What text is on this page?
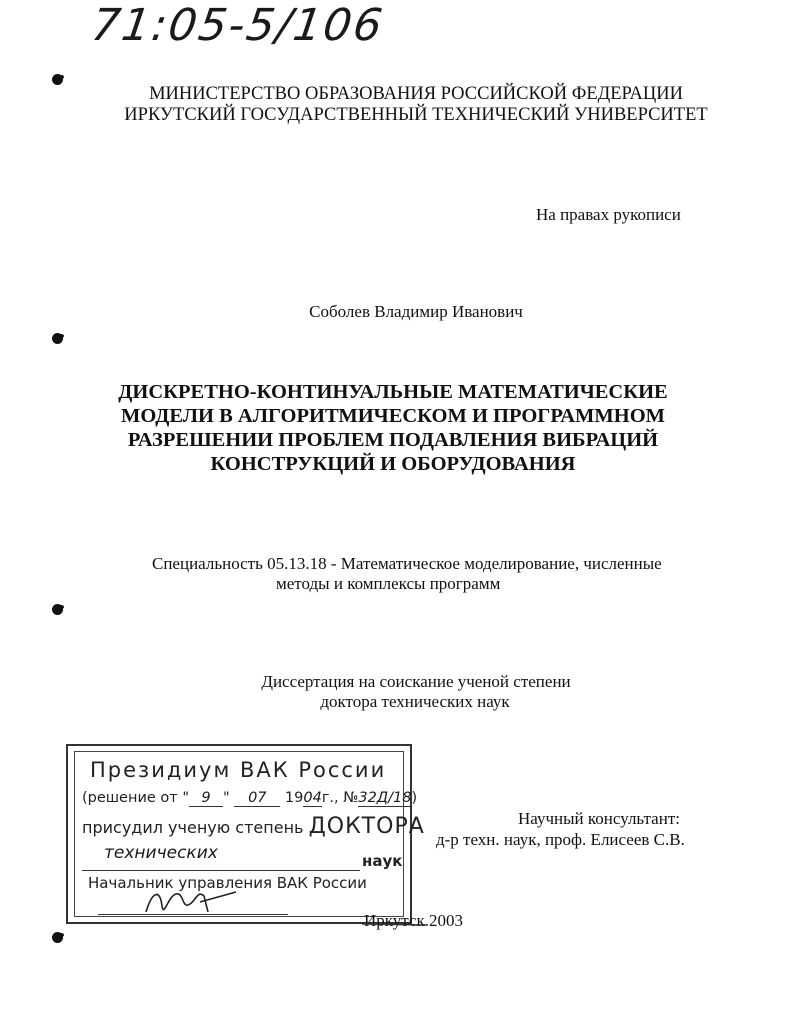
71:05-5/106
МИНИСТЕРСТВО ОБРАЗОВАНИЯ РОССИЙСКОЙ ФЕДЕРАЦИИ
ИРКУТСКИЙ ГОСУДАРСТВЕННЫЙ ТЕХНИЧЕСКИЙ УНИВЕРСИТЕТ
На правах рукописи
Соболев Владимир Иванович
ДИСКРЕТНО-КОНТИНУАЛЬНЫЕ МАТЕМАТИЧЕСКИЕ
МОДЕЛИ В АЛГОРИТМИЧЕСКОМ И ПРОГРАММНОМ
РАЗРЕШЕНИИ ПРОБЛЕМ ПОДАВЛЕНИЯ ВИБРАЦИЙ
КОНСТРУКЦИЙ И ОБОРУДОВАНИЯ
Специальность 05.13.18 - Математическое моделирование, численные
методы и комплексы программ
Диссертация на соискание ученой степени
доктора технических наук
Президиум ВАК России
(решение от " 9 " 07 1904г., №32Д/18)
присудил ученую степень ДОКТОРА
технических	наук
Начальник управления ВАК России
Научный консультант:
д-р техн. наук, проф. Елисеев С.В.
Иркутск 2003
